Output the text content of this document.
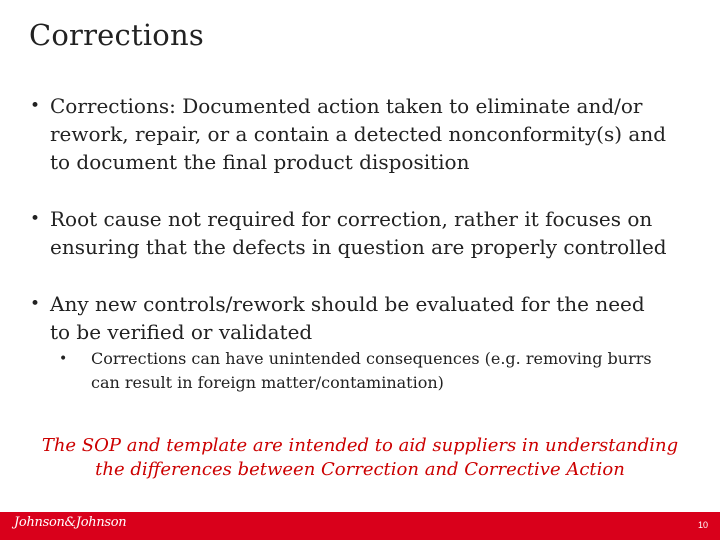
Corrections
• Corrections: Documented action taken to eliminate and/or
rework, repair, or a contain a detected nonconformity(s) and
to document the final product disposition
• Root cause not required for correction, rather it focuses on
ensuring that the defects in question are properly controlled
• Any new controls/rework should be evaluated for the need
to be verified or validated
• Corrections can have unintended consequences (e.g. removing burrs
can result in foreign matter/contamination)
The SOP and template are intended to aid suppliers in understanding
the differences between Correction and Corrective Action
Johnson&Johnson	10
